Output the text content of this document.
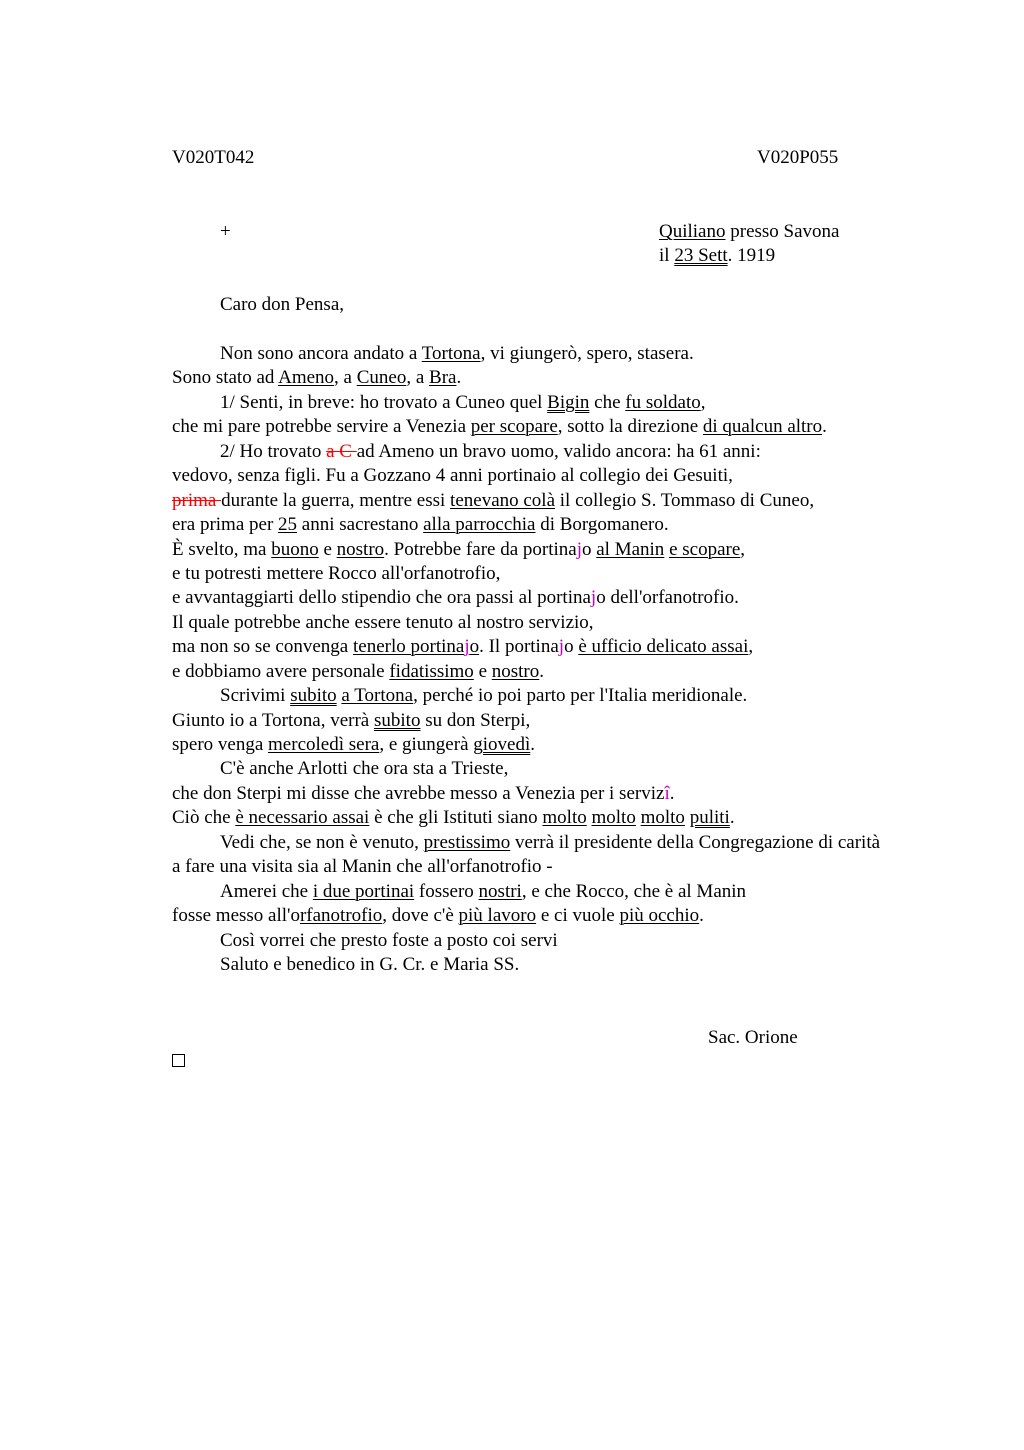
V020T042	V020P055
+	Quiliano presso Savona
il 23 Sett. 1919
Caro don Pensa,
Non sono ancora andato a Tortona, vi giungerò, spero, stasera.
Sono stato ad Ameno, a Cuneo, a Bra.
1/ Senti, in breve: ho trovato a Cuneo quel Bigin che fu soldato,
che mi pare potrebbe servire a Venezia per scopare, sotto la direzione di qualcun altro.
2/ Ho trovato a C ad Ameno un bravo uomo, valido ancora: ha 61 anni:
vedovo, senza figli. Fu a Gozzano 4 anni portinaio al collegio dei Gesuiti,
prima durante la guerra, mentre essi tenevano colà il collegio S. Tommaso di Cuneo,
era prima per 25 anni sacrestano alla parrocchia di Borgomanero.
È svelto, ma buono e nostro. Potrebbe fare da portinajo al Manin e scopare,
e tu potresti mettere Rocco all'orfanotrofio,
e avvantaggiarti dello stipendio che ora passi al portinajo dell'orfanotrofio.
Il quale potrebbe anche essere tenuto al nostro servizio,
ma non so se convenga tenerlo portinajo. Il portinajo è ufficio delicato assai,
e dobbiamo avere personale fidatissimo e nostro.
Scrivimi subito a Tortona, perché io poi parto per l'Italia meridionale.
Giunto io a Tortona, verrà subito su don Sterpi,
spero venga mercoledì sera, e giungerà giovedì.
C'è anche Arlotti che ora sta a Trieste,
che don Sterpi mi disse che avrebbe messo a Venezia per i servizî.
Ciò che è necessario assai è che gli Istituti siano molto molto molto puliti.
Vedi che, se non è venuto, prestissimo verrà il presidente della Congregazione di carità
a fare una visita sia al Manin che all'orfanotrofio -
Amerei che i due portinai fossero nostri, e che Rocco, che è al Manin
fosse messo all'orfanotrofio, dove c'è più lavoro e ci vuole più occhio.
Così vorrei che presto foste a posto coi servi
Saluto e benedico in G. Cr. e Maria SS.
Sac. Orione
